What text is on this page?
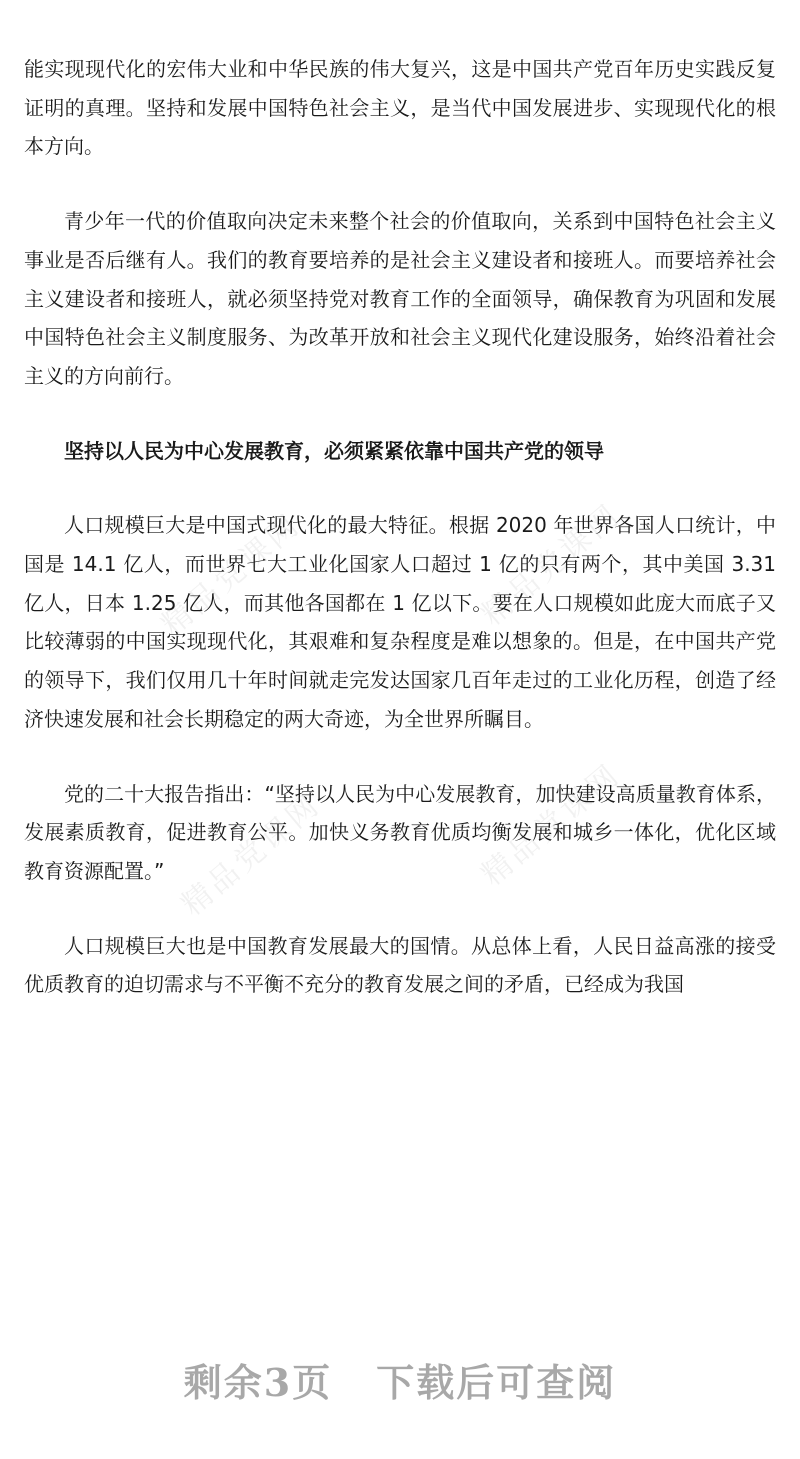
精品党课网	精品党课网
精品党课网	精品党课网

能实现现代化的宏伟大业和中华民族的伟大复兴，这是中国共产党百年历史实践反复证明的真理。坚持和发展中国特色社会主义，是当代中国发展进步、实现现代化的根本方向。

青少年一代的价值取向决定未来整个社会的价值取向，关系到中国特色社会主义事业是否后继有人。我们的教育要培养的是社会主义建设者和接班人。而要培养社会主义建设者和接班人，就必须坚持党对教育工作的全面领导，确保教育为巩固和发展中国特色社会主义制度服务、为改革开放和社会主义现代化建设服务，始终沿着社会主义的方向前行。

坚持以人民为中心发展教育，必须紧紧依靠中国共产党的领导

人口规模巨大是中国式现代化的最大特征。根据 2020 年世界各国人口统计，中国是 14.1 亿人，而世界七大工业化国家人口超过 1 亿的只有两个，其中美国 3.31 亿人，日本 1.25 亿人，而其他各国都在 1 亿以下。要在人口规模如此庞大而底子又比较薄弱的中国实现现代化，其艰难和复杂程度是难以想象的。但是，在中国共产党的领导下，我们仅用几十年时间就走完发达国家几百年走过的工业化历程，创造了经济快速发展和社会长期稳定的两大奇迹，为全世界所瞩目。

党的二十大报告指出：“坚持以人民为中心发展教育，加快建设高质量教育体系，发展素质教育，促进教育公平。加快义务教育优质均衡发展和城乡一体化，优化区域教育资源配置。”

人口规模巨大也是中国教育发展最大的国情。从总体上看，人民日益高涨的接受优质教育的迫切需求与不平衡不充分的教育发展之间的矛盾，已经成为我国

剩余3页 下载后可查阅
